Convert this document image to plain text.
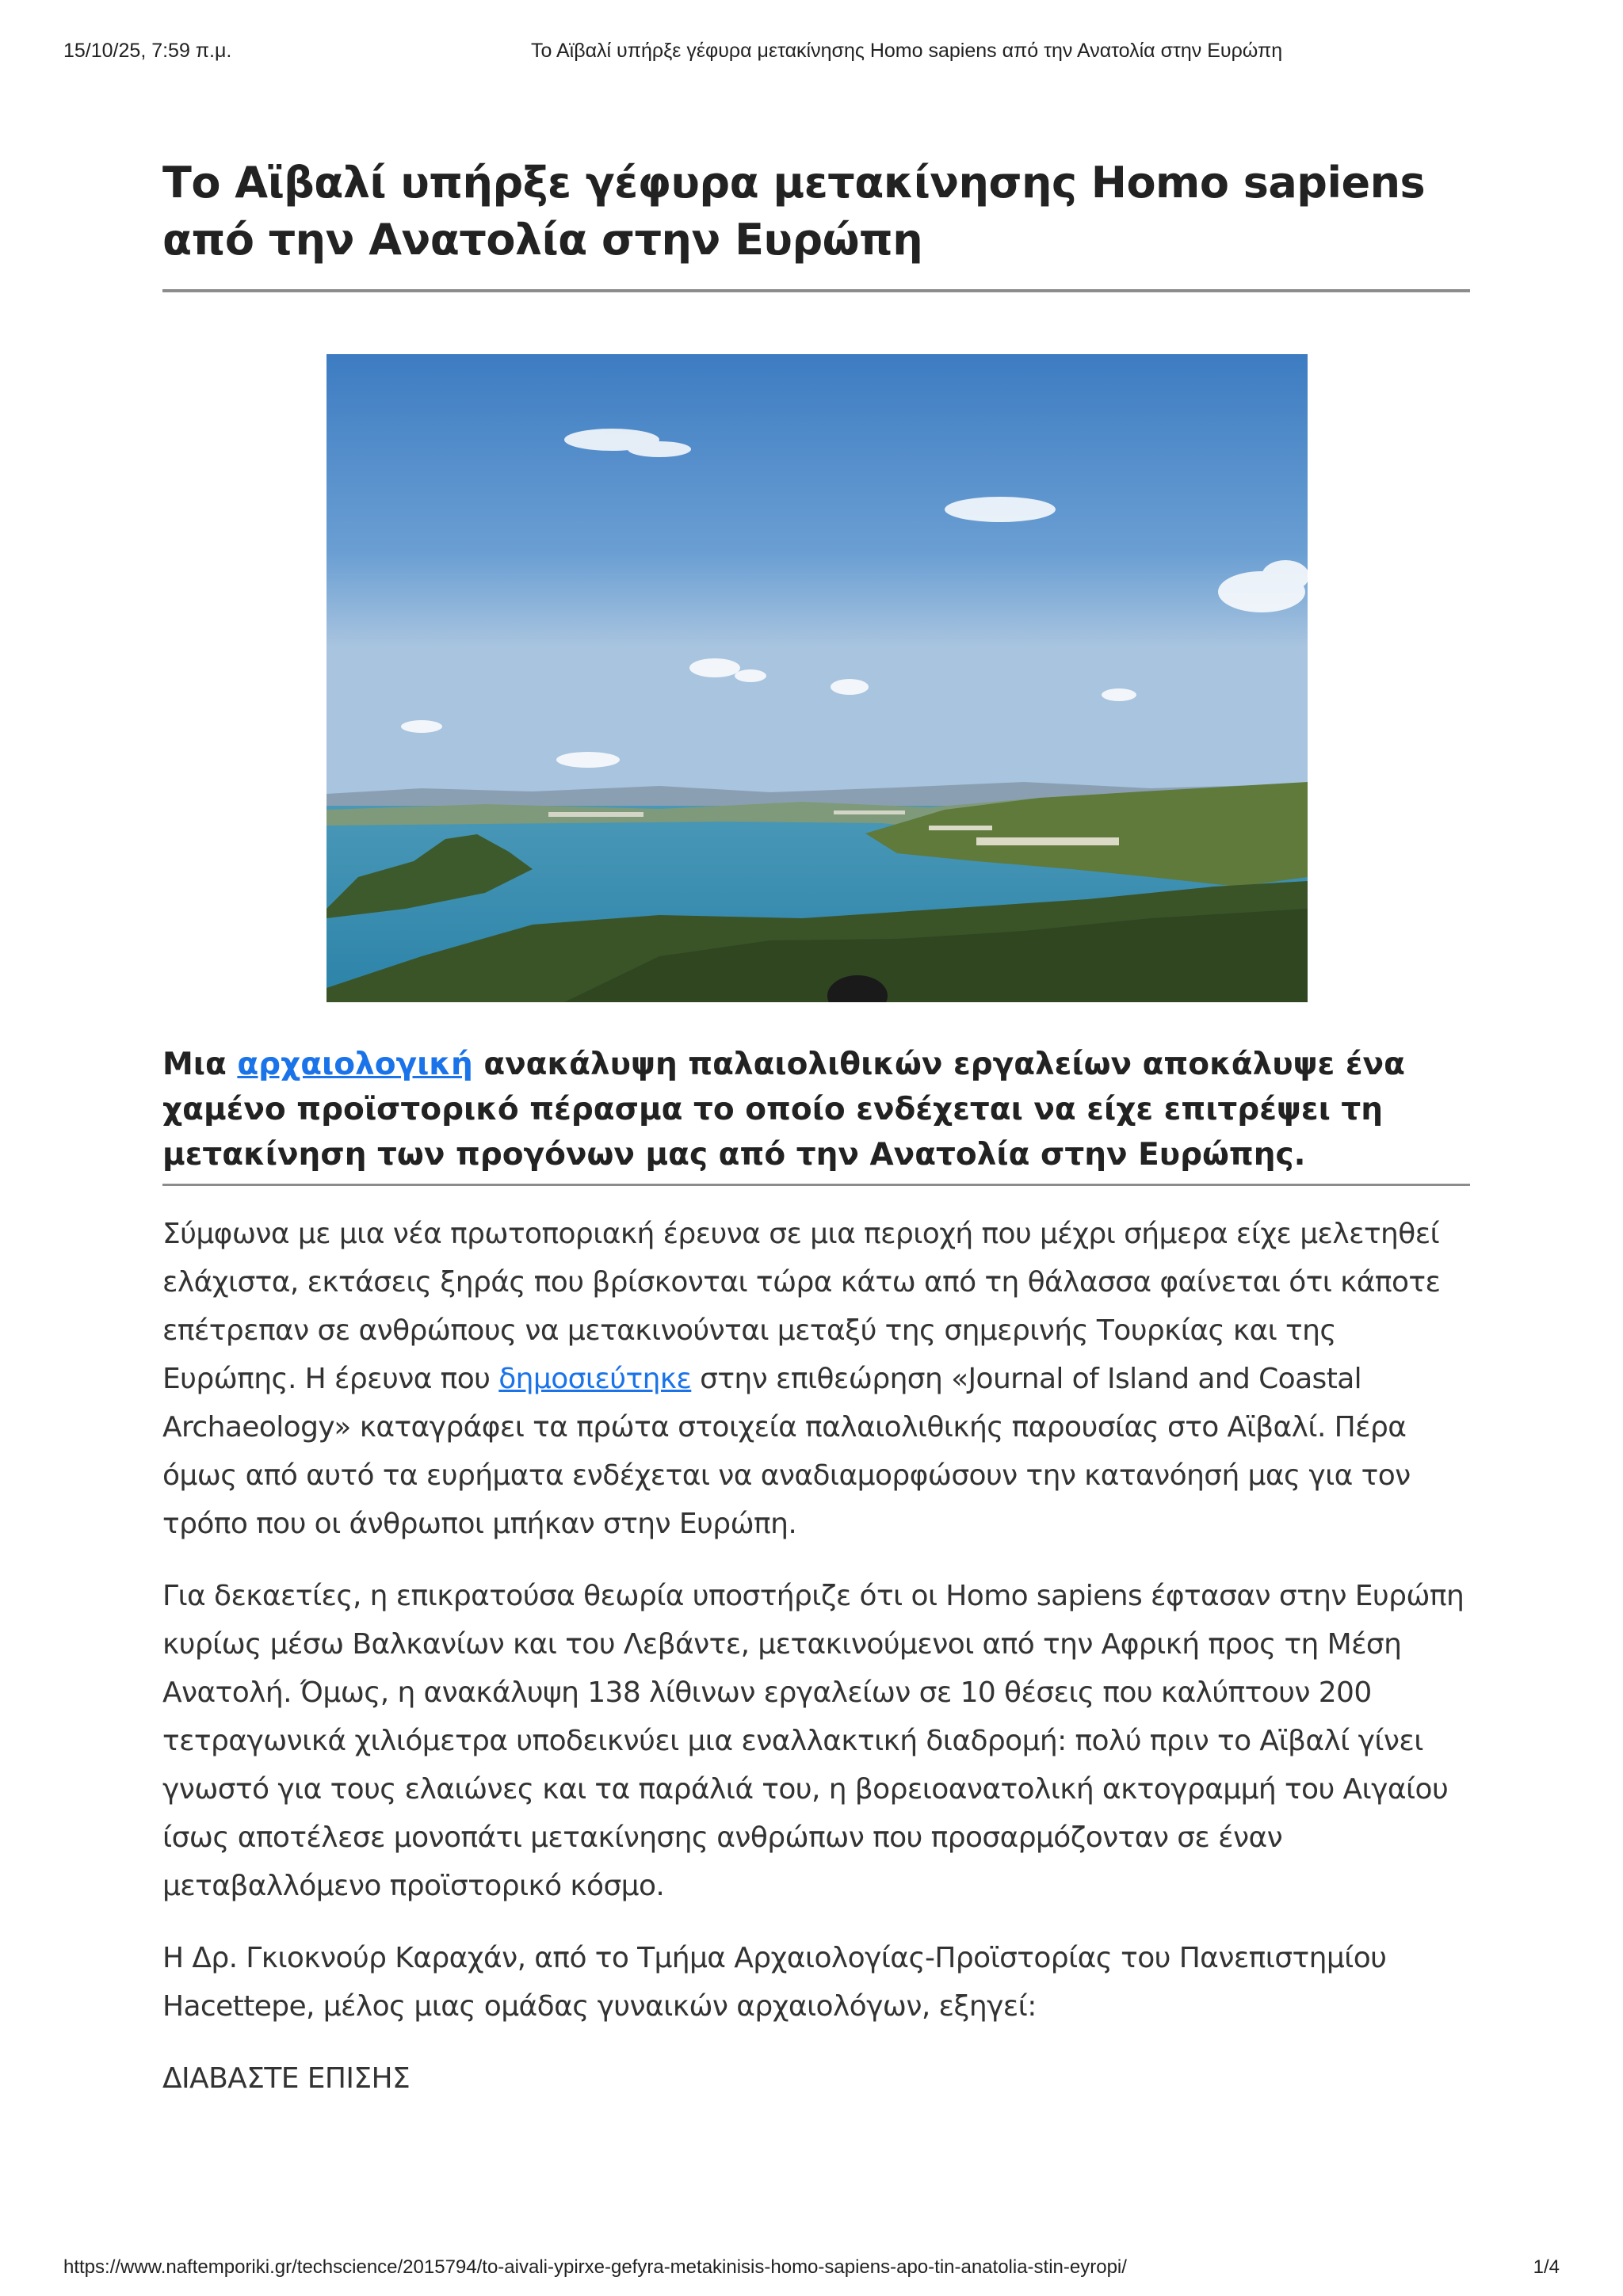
15/10/25, 7:59 π.μ.	Το Αϊβαλί υπήρξε γέφυρα μετακίνησης Homo sapiens από την Ανατολία στην Ευρώπη
Το Αϊβαλί υπήρξε γέφυρα μετακίνησης Homo sapiens
από την Ανατολία στην Ευρώπη
Μια αρχαιολογική ανακάλυψη παλαιολιθικών εργαλείων αποκάλυψε ένα χαμένο προϊστορικό πέρασμα το οποίο ενδέχεται να είχε επιτρέψει τη μετακίνηση των προγόνων μας από την Ανατολία στην Ευρώπης.

Σύμφωνα με μια νέα πρωτοποριακή έρευνα σε μια περιοχή που μέχρι σήμερα είχε μελετηθεί ελάχιστα, εκτάσεις ξηράς που βρίσκονται τώρα κάτω από τη θάλασσα φαίνεται ότι κάποτε επέτρεπαν σε ανθρώπους να μετακινούνται μεταξύ της σημερινής Τουρκίας και της Ευρώπης. Η έρευνα που δημοσιεύτηκε στην επιθεώρηση «Journal of Island and Coastal Archaeology» καταγράφει τα πρώτα στοιχεία παλαιολιθικής παρουσίας στο Αϊβαλί. Πέρα όμως από αυτό τα ευρήματα ενδέχεται να αναδιαμορφώσουν την κατανόησή μας για τον τρόπο που οι άνθρωποι μπήκαν στην Ευρώπη.

Για δεκαετίες, η επικρατούσα θεωρία υποστήριζε ότι οι Homo sapiens έφτασαν στην Ευρώπη κυρίως μέσω Βαλκανίων και του Λεβάντε, μετακινούμενοι από την Αφρική προς τη Μέση Ανατολή. Όμως, η ανακάλυψη 138 λίθινων εργαλείων σε 10 θέσεις που καλύπτουν 200 τετραγωνικά χιλιόμετρα υποδεικνύει μια εναλλακτική διαδρομή: πολύ πριν το Αϊβαλί γίνει γνωστό για τους ελαιώνες και τα παράλιά του, η βορειοανατολική ακτογραμμή του Αιγαίου ίσως αποτέλεσε μονοπάτι μετακίνησης ανθρώπων που προσαρμόζονταν σε έναν μεταβαλλόμενο προϊστορικό κόσμο.

Η Δρ. Γκιοκνούρ Καραχάν, από το Τμήμα Αρχαιολογίας-Προϊστορίας του Πανεπιστημίου Hacettepe, μέλος μιας ομάδας γυναικών αρχαιολόγων, εξηγεί:

ΔΙΑΒΑΣΤΕ ΕΠΙΣΗΣ

https://www.naftemporiki.gr/techscience/2015794/to-aivali-ypirxe-gefyra-metakinisis-homo-sapiens-apo-tin-anatolia-stin-eyropi/	1/4
